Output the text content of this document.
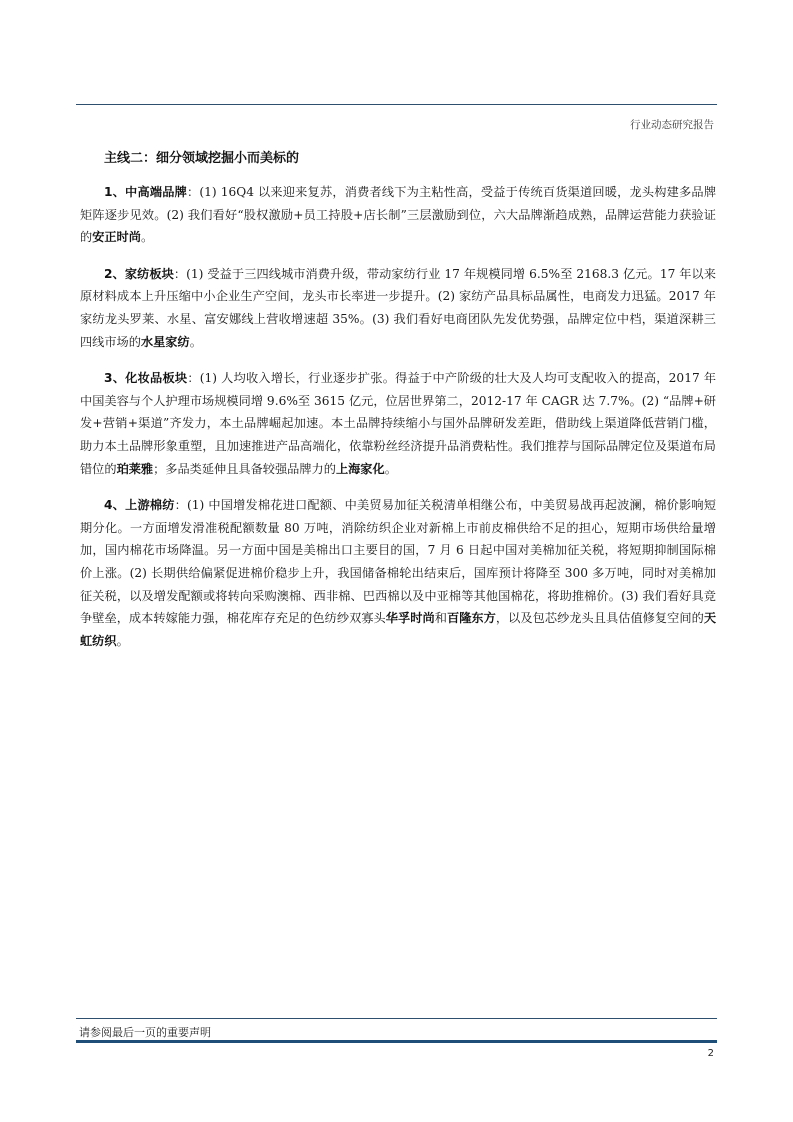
行业动态研究报告
主线二：细分领域挖掘小而美标的

1、中高端品牌：(1) 16Q4 以来迎来复苏，消费者线下为主粘性高，受益于传统百货渠道回暖，龙头构建多品牌矩阵逐步见效。(2) 我们看好“股权激励+员工持股+店长制”三层激励到位，六大品牌渐趋成熟，品牌运营能力获验证的安正时尚。

2、家纺板块：(1) 受益于三四线城市消费升级，带动家纺行业 17 年规模同增 6.5%至 2168.3 亿元。17 年以来原材料成本上升压缩中小企业生产空间，龙头市长率进一步提升。(2) 家纺产品具标品属性，电商发力迅猛。2017 年家纺龙头罗莱、水星、富安娜线上营收增速超 35%。(3) 我们看好电商团队先发优势强，品牌定位中档，渠道深耕三四线市场的水星家纺。

3、化妆品板块：(1) 人均收入增长，行业逐步扩张。得益于中产阶级的壮大及人均可支配收入的提高，2017 年中国美容与个人护理市场规模同增 9.6%至 3615 亿元，位居世界第二，2012-17 年 CAGR 达 7.7%。(2) “品牌+研发+营销+渠道”齐发力，本土品牌崛起加速。本土品牌持续缩小与国外品牌研发差距，借助线上渠道降低营销门槛，助力本土品牌形象重塑，且加速推进产品高端化，依靠粉丝经济提升品消费粘性。我们推荐与国际品牌定位及渠道布局错位的珀莱雅；多品类延伸且具备较强品牌力的上海家化。

4、上游棉纺：(1) 中国增发棉花进口配额、中美贸易加征关税清单相继公布，中美贸易战再起波澜，棉价影响短期分化。一方面增发滑准税配额数量 80 万吨，消除纺织企业对新棉上市前皮棉供给不足的担心，短期市场供给量增加，国内棉花市场降温。另一方面中国是美棉出口主要目的国，7 月 6 日起中国对美棉加征关税，将短期抑制国际棉价上涨。(2) 长期供给偏紧促进棉价稳步上升，我国储备棉轮出结束后，国库预计将降至 300 多万吨，同时对美棉加征关税，以及增发配额或将转向采购澳棉、西非棉、巴西棉以及中亚棉等其他国棉花，将助推棉价。(3) 我们看好具竞争壁垒，成本转嫁能力强，棉花库存充足的色纺纱双寡头华孚时尚和百隆东方，以及包芯纱龙头且具估值修复空间的天虹纺织。

请参阅最后一页的重要声明
2
